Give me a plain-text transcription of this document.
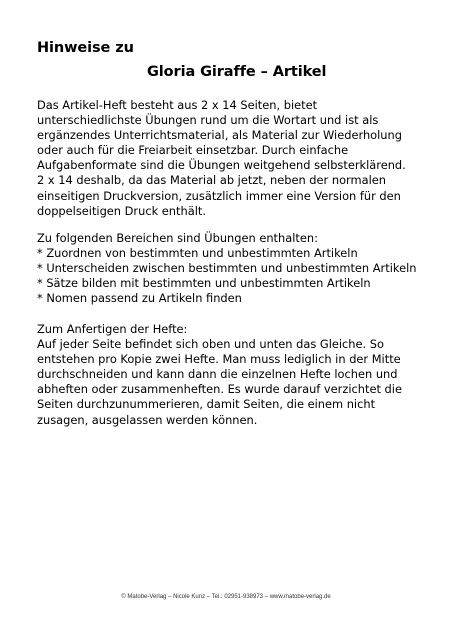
Hinweise zu
Gloria Giraffe – Artikel
Das Artikel-Heft besteht aus 2 x 14 Seiten, bietet
unterschiedlichste Übungen rund um die Wortart und ist als
ergänzendes Unterrichtsmaterial, als Material zur Wiederholung
oder auch für die Freiarbeit einsetzbar. Durch einfache
Aufgabenformate sind die Übungen weitgehend selbsterklärend.
2 x 14 deshalb, da das Material ab jetzt, neben der normalen
einseitigen Druckversion, zusätzlich immer eine Version für den
doppelseitigen Druck enthält.
Zu folgenden Bereichen sind Übungen enthalten:
* Zuordnen von bestimmten und unbestimmten Artikeln
* Unterscheiden zwischen bestimmten und unbestimmten Artikeln
* Sätze bilden mit bestimmten und unbestimmten Artikeln
* Nomen passend zu Artikeln finden
Zum Anfertigen der Hefte:
Auf jeder Seite befindet sich oben und unten das Gleiche. So
entstehen pro Kopie zwei Hefte. Man muss lediglich in der Mitte
durchschneiden und kann dann die einzelnen Hefte lochen und
abheften oder zusammenheften. Es wurde darauf verzichtet die
Seiten durchzunummerieren, damit Seiten, die einem nicht
zusagen, ausgelassen werden können.
© Matobe-Verlag – Nicole Kunz – Tel.: 02951-938973 – www.matobe-verlag.de
